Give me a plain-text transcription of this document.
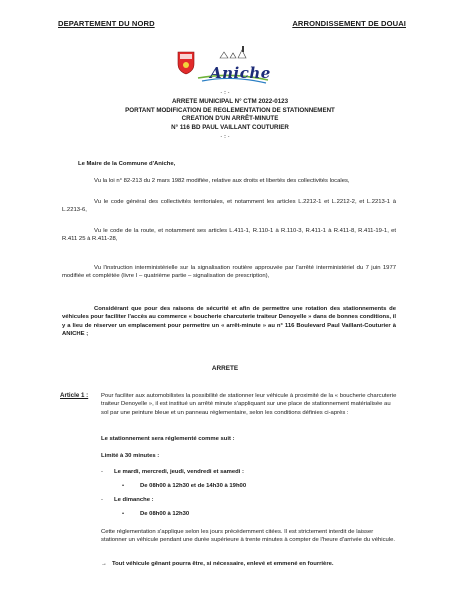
DEPARTEMENT DU NORD	ARRONDISSEMENT DE DOUAI
Aniche
- :: -
ARRETE MUNICIPAL N° CTM 2022-0123
PORTANT MODIFICATION DE REGLEMENTATION DE STATIONNEMENT
CREATION D'UN ARRÊT-MINUTE
N° 116 BD PAUL VAILLANT COUTURIER
- :: -
Le Maire de la Commune d'Aniche,
Vu la loi n° 82-213 du 2 mars 1982 modifiée, relative aux droits et libertés des collectivités locales,
Vu le code général des collectivités territoriales, et notamment les articles L.2212-1 et L.2212-2, et L.2213-1 à L.2213-6,
Vu le code de la route, et notamment ses articles L.411-1, R.110-1 à R.110-3, R.411-1 à R.411-8, R.411-19-1, et R.411 25 à R.411-28,
Vu l'instruction interministérielle sur la signalisation routière approuvée par l'arrêté interministériel du 7 juin 1977 modifiée et complétée (livre I – quatrième partie – signalisation de prescription),
Considérant que pour des raisons de sécurité et afin de permettre une rotation des stationnements de véhicules pour faciliter l'accès au commerce « boucherie charcuterie traiteur Denoyelle » dans de bonnes conditions, il y a lieu de réserver un emplacement pour permettre un « arrêt-minute » au n° 116 Boulevard Paul Vaillant-Couturier à ANICHE ;
ARRETE
Article 1 : Pour faciliter aux automobilistes la possibilité de stationner leur véhicule à proximité de la « boucherie charcuterie traiteur Denoyelle », il est institué un arrêté minute s'appliquant sur une place de stationnement matérialisée au sol par une peinture bleue et un panneau réglementaire, selon les conditions définies ci-après :
Le stationnement sera réglementé comme suit :
Limité à 30 minutes :
- Le mardi, mercredi, jeudi, vendredi et samedi :
•	De 08h00 à 12h30 et de 14h30 à 19h00
- Le dimanche :
•	De 08h00 à 12h30
Cette réglementation s'applique selon les jours précédemment citées. Il est strictement interdit de laisser stationner un véhicule pendant une durée supérieure à trente minutes à compter de l'heure d'arrivée du véhicule.
→ Tout véhicule gênant pourra être, si nécessaire, enlevé et emmené en fourrière.
